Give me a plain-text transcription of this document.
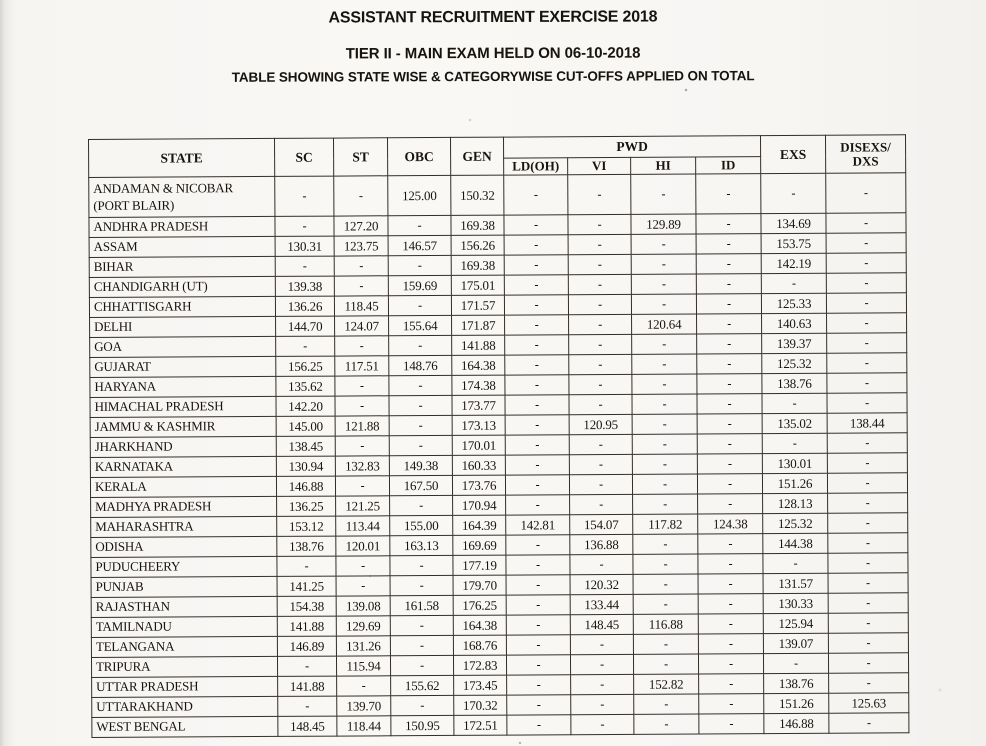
ASSISTANT RECRUITMENT EXERCISE 2018
TIER II - MAIN EXAM HELD ON 06-10-2018
TABLE SHOWING STATE WISE & CATEGORYWISE CUT-OFFS APPLIED ON TOTAL
STATE	SC	ST	OBC	GEN	PWD				EXS	DISEXS/
DXS

					LD(OH)	VI	HI	ID		
ANDAMAN & NICOBAR
(PORT BLAIR)	-	-	125.00	150.32	-	-	-	-	-	-
ANDHRA PRADESH	-	127.20	-	169.38	-	-	129.89	-	134.69	-
ASSAM	130.31	123.75	146.57	156.26	-	-	-	-	153.75	-
BIHAR	-	-	-	169.38	-	-	-	-	142.19	-
CHANDIGARH (UT)	139.38	-	159.69	175.01	-	-	-	-	-	-
CHHATTISGARH	136.26	118.45	-	171.57	-	-	-	-	125.33	-
DELHI	144.70	124.07	155.64	171.87	-	-	120.64	-	140.63	-
GOA	-	-	-	141.88	-	-	-	-	139.37	-
GUJARAT	156.25	117.51	148.76	164.38	-	-	-	-	125.32	-
HARYANA	135.62	-	-	174.38	-	-	-	-	138.76	-
HIMACHAL PRADESH	142.20	-	-	173.77	-	-	-	-	-	-
JAMMU & KASHMIR	145.00	121.88	-	173.13	-	120.95	-	-	135.02	138.44
JHARKHAND	138.45	-	-	170.01	-	-	-	-	-	-
KARNATAKA	130.94	132.83	149.38	160.33	-	-	-	-	130.01	-
KERALA	146.88	-	167.50	173.76	-	-	-	-	151.26	-
MADHYA PRADESH	136.25	121.25	-	170.94	-	-	-	-	128.13	-
MAHARASHTRA	153.12	113.44	155.00	164.39	142.81	154.07	117.82	124.38	125.32	-
ODISHA	138.76	120.01	163.13	169.69	-	136.88	-	-	144.38	-
PUDUCHEERY	-	-	-	177.19	-	-	-	-	-	-
PUNJAB	141.25	-	-	179.70	-	120.32	-	-	131.57	-
RAJASTHAN	154.38	139.08	161.58	176.25	-	133.44	-	-	130.33	-
TAMILNADU	141.88	129.69	-	164.38	-	148.45	116.88	-	125.94	-
TELANGANA	146.89	131.26	-	168.76	-	-	-	-	139.07	-
TRIPURA	-	115.94	-	172.83	-	-	-	-	-	-
UTTAR PRADESH	141.88	-	155.62	173.45	-	-	152.82	-	138.76	-
UTTARAKHAND	-	139.70	-	170.32	-	-	-	-	151.26	125.63
WEST BENGAL	148.45	118.44	150.95	172.51	-	-	-	-	146.88	-
